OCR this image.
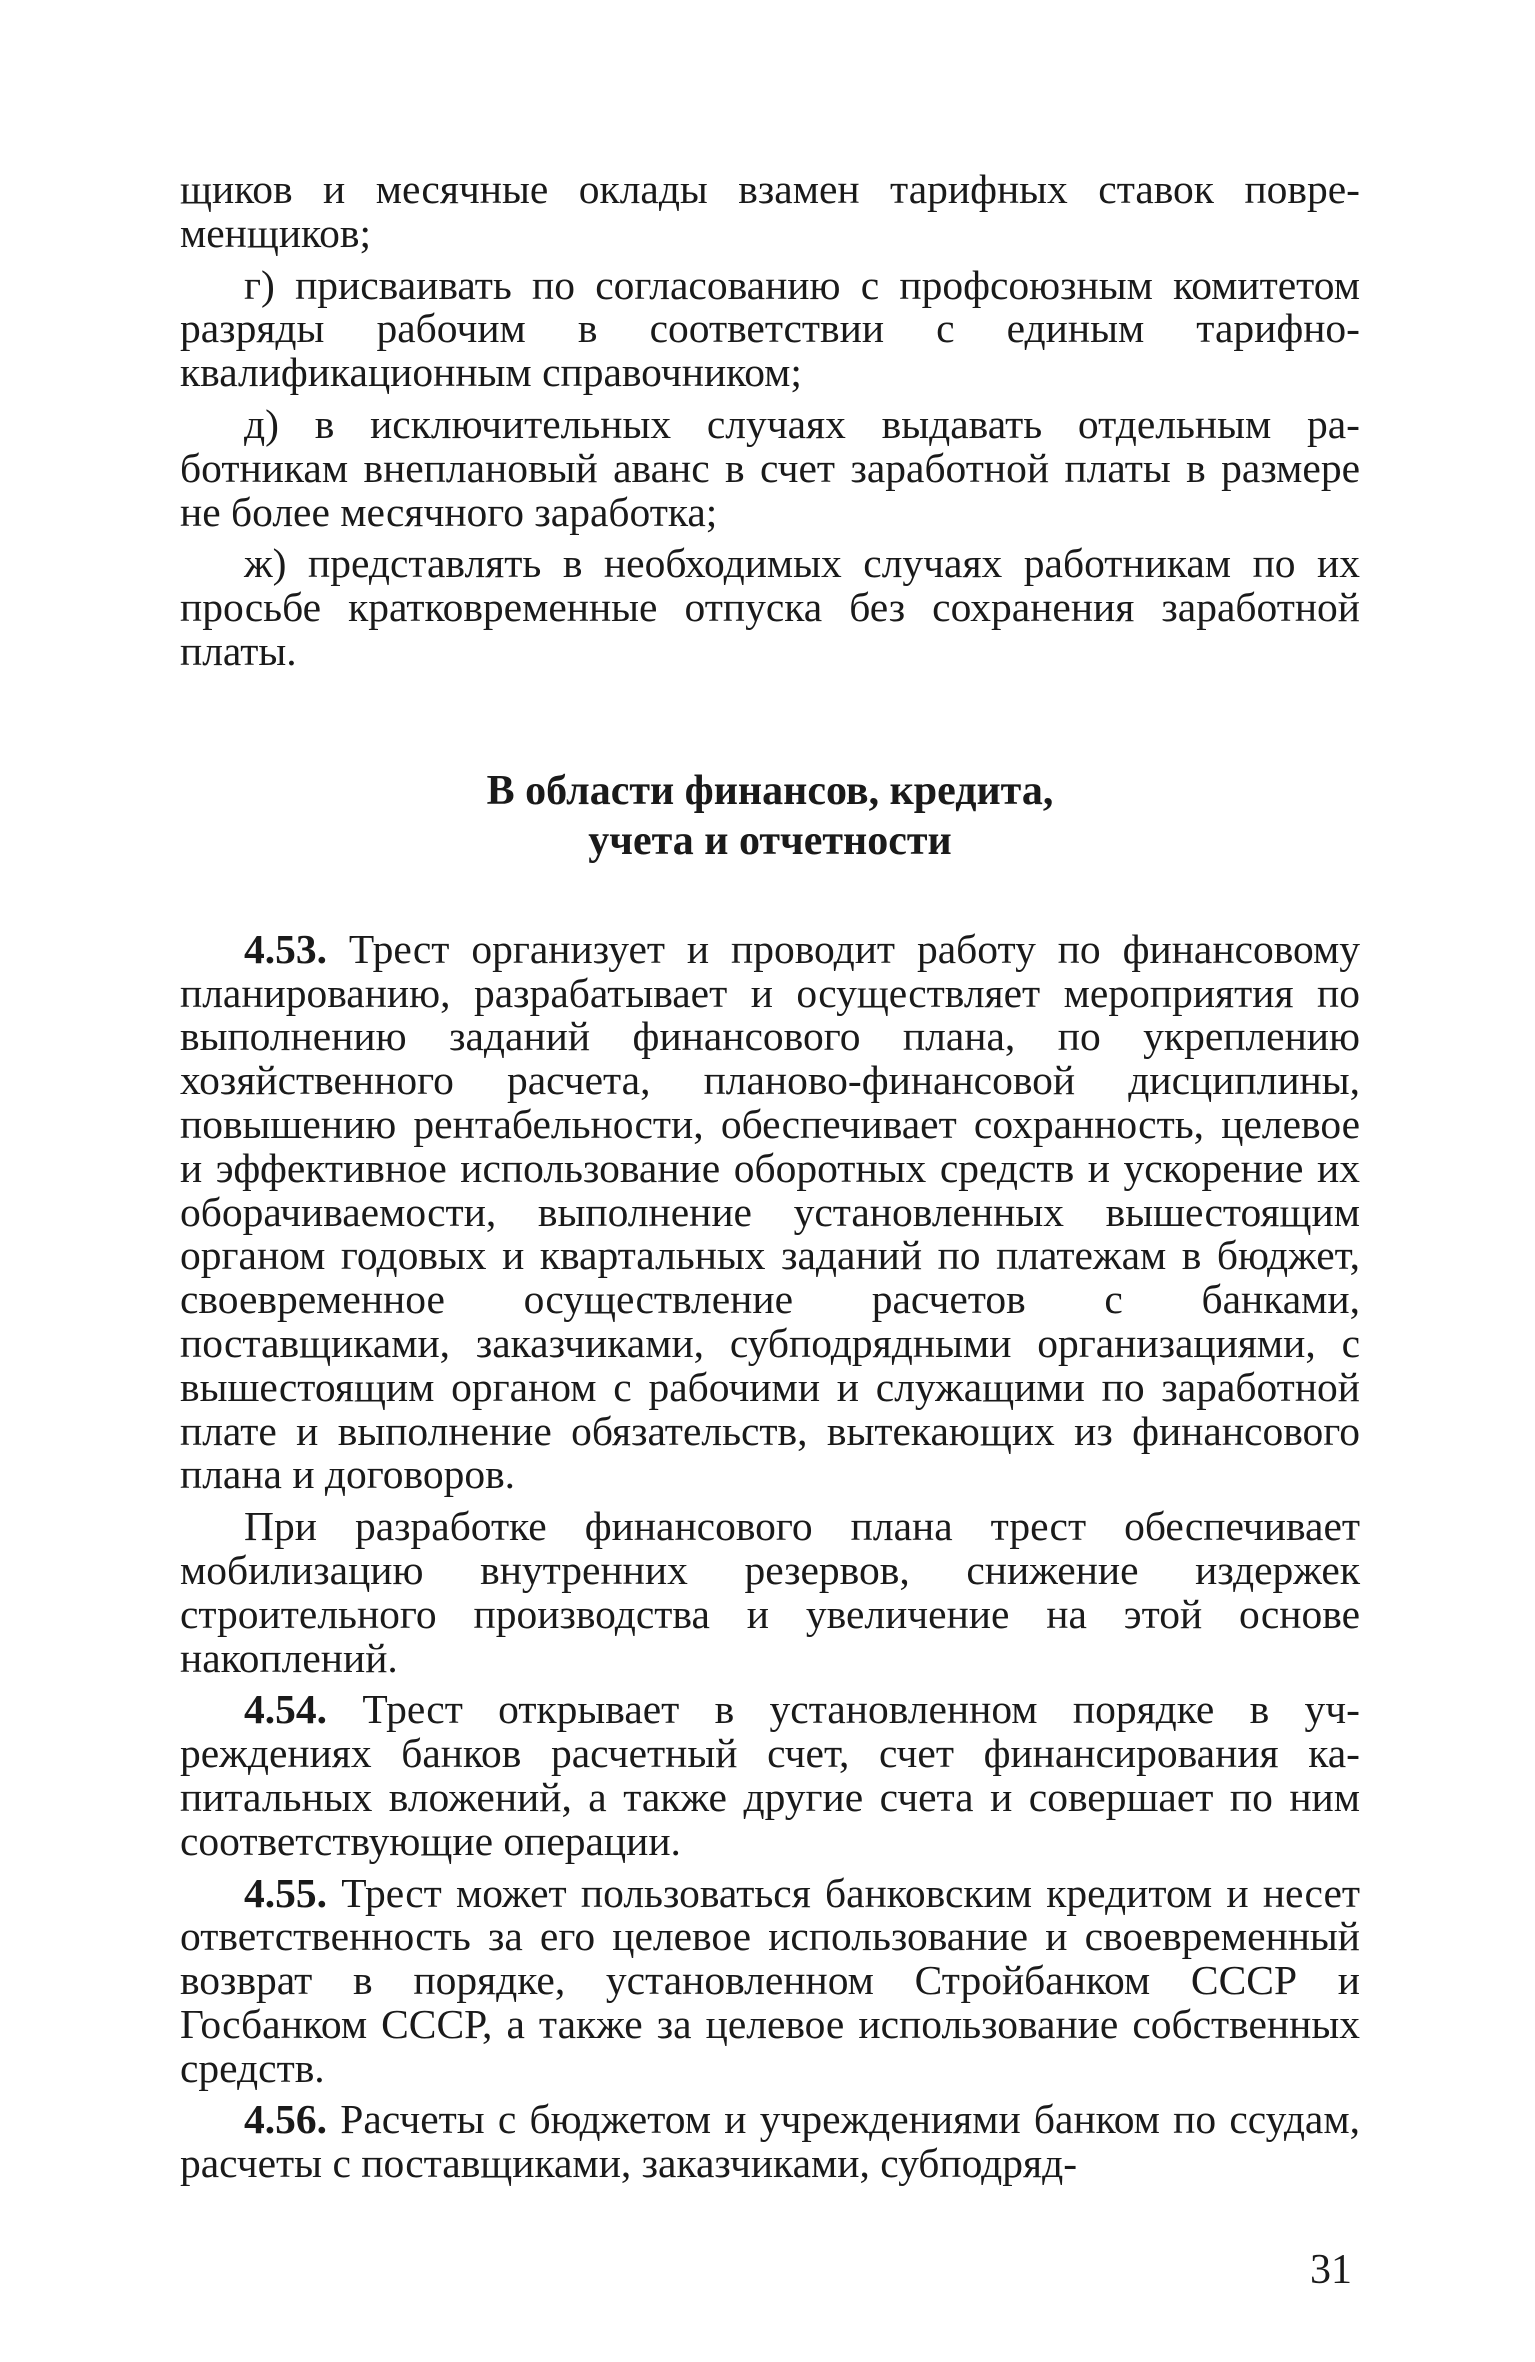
щиков и месячные оклады взамен тарифных ставок повременщиков;

г) присваивать по согласованию с профсоюзным комитетом разряды рабочим в соответствии с единым тарифно-квалификационным справочником;

д) в исключительных случаях выдавать отдельным работникам внеплановый аванс в счет заработной платы в размере не более месячного заработка;

ж) представлять в необходимых случаях работникам по их просьбе кратковременные отпуска без сохранения заработной платы.

В области финансов, кредита,
учета и отчетности

4.53. Трест организует и проводит работу по финансовому планированию, разрабатывает и осуществляет мероприятия по выполнению заданий финансового плана, по укреплению хозяйственного расчета, планово-финансовой дисциплины, повышению рентабельности, обеспечивает сохранность, целевое и эффективное использование оборотных средств и ускорение их оборачиваемости, выполнение установленных вышестоящим органом годовых и квартальных заданий по платежам в бюджет, своевременное осуществление расчетов с банками, поставщиками, заказчиками, субподрядными организациями, с вышестоящим органом с рабочими и служащими по заработной плате и выполнение обязательств, вытекающих из финансового плана и договоров.

При разработке финансового плана трест обеспечивает мобилизацию внутренних резервов, снижение издержек строительного производства и увеличение на этой основе накоплений.

4.54. Трест открывает в установленном порядке в учреждениях банков расчетный счет, счет финансирования капитальных вложений, а также другие счета и совершает по ним соответствующие операции.

4.55. Трест может пользоваться банковским кредитом и несет ответственность за его целевое использование и своевременный возврат в порядке, установленном Стройбанком СССР и Госбанком СССР, а также за целевое использование собственных средств.

4.56. Расчеты с бюджетом и учреждениями банком по ссудам, расчеты с поставщиками, заказчиками, субподряд-

31
